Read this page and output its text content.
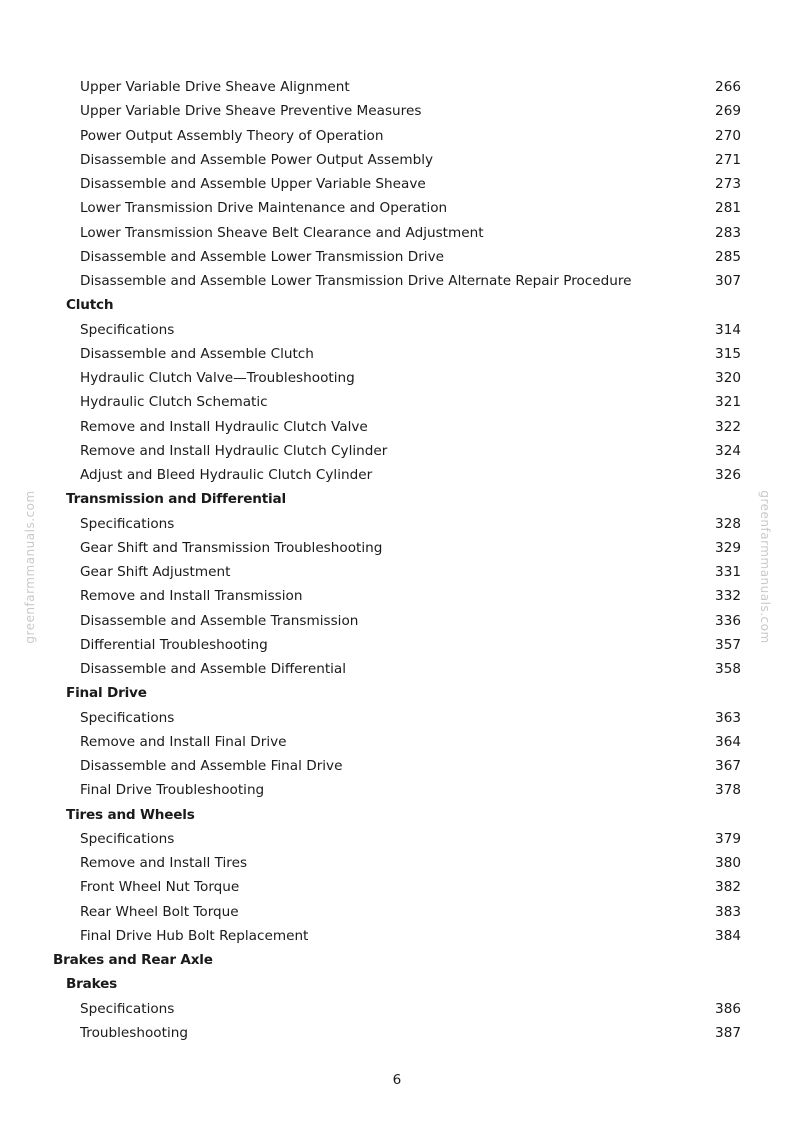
Upper Variable Drive Sheave Alignment	266
Upper Variable Drive Sheave Preventive Measures	269
Power Output Assembly Theory of Operation	270
Disassemble and Assemble Power Output Assembly	271
Disassemble and Assemble Upper Variable Sheave	273
Lower Transmission Drive Maintenance and Operation	281
Lower Transmission Sheave Belt Clearance and Adjustment	283
Disassemble and Assemble Lower Transmission Drive	285
Disassemble and Assemble Lower Transmission Drive Alternate Repair Procedure	307
Clutch
Specifications	314
Disassemble and Assemble Clutch	315
Hydraulic Clutch Valve—Troubleshooting	320
Hydraulic Clutch Schematic	321
Remove and Install Hydraulic Clutch Valve	322
Remove and Install Hydraulic Clutch Cylinder	324
Adjust and Bleed Hydraulic Clutch Cylinder	326
Transmission and Differential
Specifications	328
Gear Shift and Transmission Troubleshooting	329
Gear Shift Adjustment	331
Remove and Install Transmission	332
Disassemble and Assemble Transmission	336
Differential Troubleshooting	357
Disassemble and Assemble Differential	358
Final Drive
Specifications	363
Remove and Install Final Drive	364
Disassemble and Assemble Final Drive	367
Final Drive Troubleshooting	378
Tires and Wheels
Specifications	379
Remove and Install Tires	380
Front Wheel Nut Torque	382
Rear Wheel Bolt Torque	383
Final Drive Hub Bolt Replacement	384
Brakes and Rear Axle
Brakes
Specifications	386
Troubleshooting	387
greenfarmmanuals.com	greenfarmmanuals.com
6
